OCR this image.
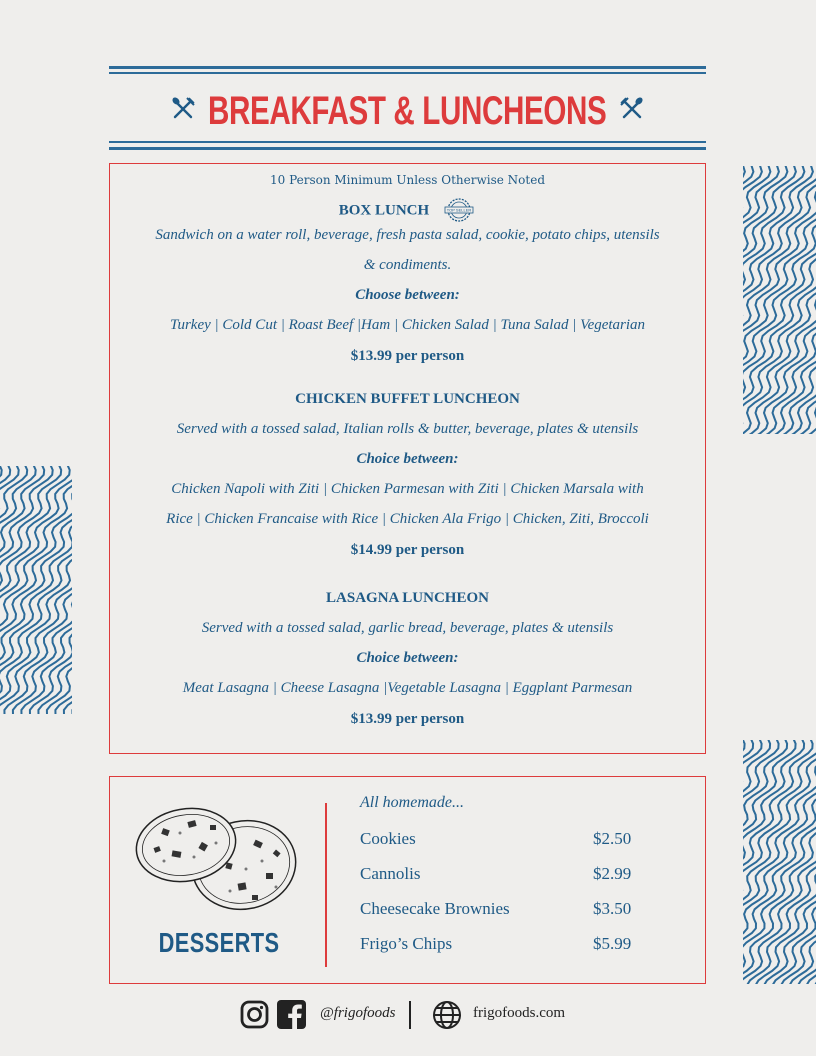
BREAKFAST & LUNCHEONS
10 Person Minimum Unless Otherwise Noted
BOX LUNCH	TOP SELLER
Sandwich on a water roll, beverage, fresh pasta salad, cookie, potato chips, utensils
& condiments.
Choose between:
Turkey | Cold Cut | Roast Beef |Ham | Chicken Salad | Tuna Salad | Vegetarian
$13.99 per person
CHICKEN BUFFET LUNCHEON
Served with a tossed salad, Italian rolls & butter, beverage, plates & utensils
Choice between:
Chicken Napoli with Ziti | Chicken Parmesan with Ziti | Chicken Marsala with
Rice | Chicken Francaise with Rice | Chicken Ala Frigo | Chicken, Ziti, Broccoli
$14.99 per person
LASAGNA LUNCHEON
Served with a tossed salad, garlic bread, beverage, plates & utensils
Choice between:
Meat Lasagna | Cheese Lasagna |Vegetable Lasagna | Eggplant Parmesan
$13.99 per person
DESSERTS
All homemade...
Cookies	$2.50
Cannolis	$2.99
Cheesecake Brownies	$3.50
Frigo’s Chips	$5.99
@frigofoods	frigofoods.com
